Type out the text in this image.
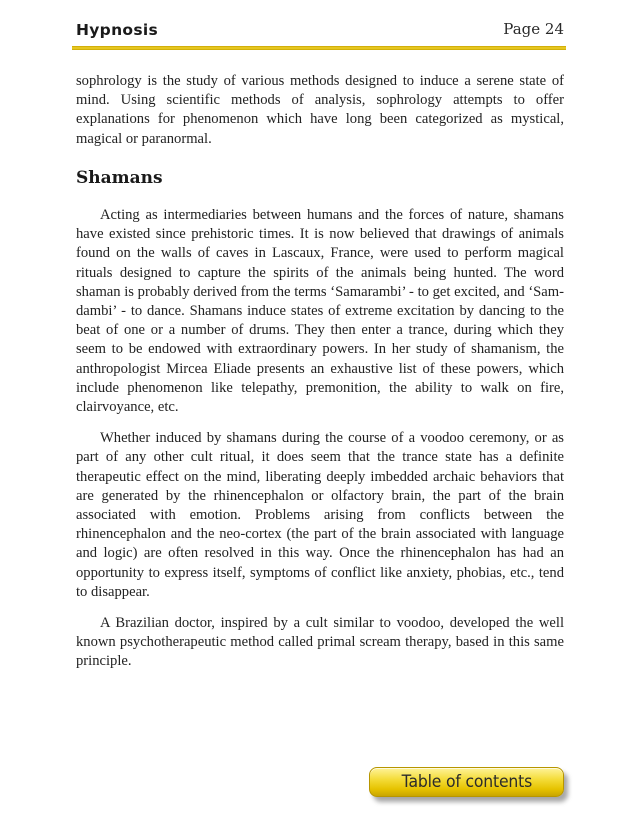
Hypnosis	Page 24

sophrology is the study of various methods designed to induce a serene state of mind. Using scientific methods of analysis, sophrology attempts to offer explanations for phenomenon which have long been categorized as mystical, magical or paranormal.

Shamans

Acting as intermediaries between humans and the forces of nature, shamans have existed since prehistoric times. It is now believed that drawings of animals found on the walls of caves in Lascaux, France, were used to perform magical rituals designed to capture the spirits of the animals being hunted. The word shaman is probably derived from the terms ‘Samarambi’ - to get excited, and ‘Sam-dambi’ - to dance. Shamans induce states of extreme excitation by dancing to the beat of one or a number of drums. They then enter a trance, during which they seem to be endowed with extraordinary powers. In her study of shamanism, the anthropologist Mircea Eliade presents an exhaustive list of these powers, which include phenomenon like telepathy, premonition, the ability to walk on fire, clairvoyance, etc.

Whether induced by shamans during the course of a voodoo ceremony, or as part of any other cult ritual, it does seem that the trance state has a definite therapeutic effect on the mind, liberating deeply imbedded archaic behaviors that are generated by the rhinencephalon or olfactory brain, the part of the brain associated with emotion. Problems arising from conflicts between the rhinencephalon and the neo-cortex (the part of the brain associated with language and logic) are often resolved in this way. Once the rhinencephalon has had an opportunity to express itself, symptoms of conflict like anxiety, phobias, etc., tend to disappear.

A Brazilian doctor, inspired by a cult similar to voodoo, developed the well known psychotherapeutic method called primal scream therapy, based in this same principle.

Table of contents
